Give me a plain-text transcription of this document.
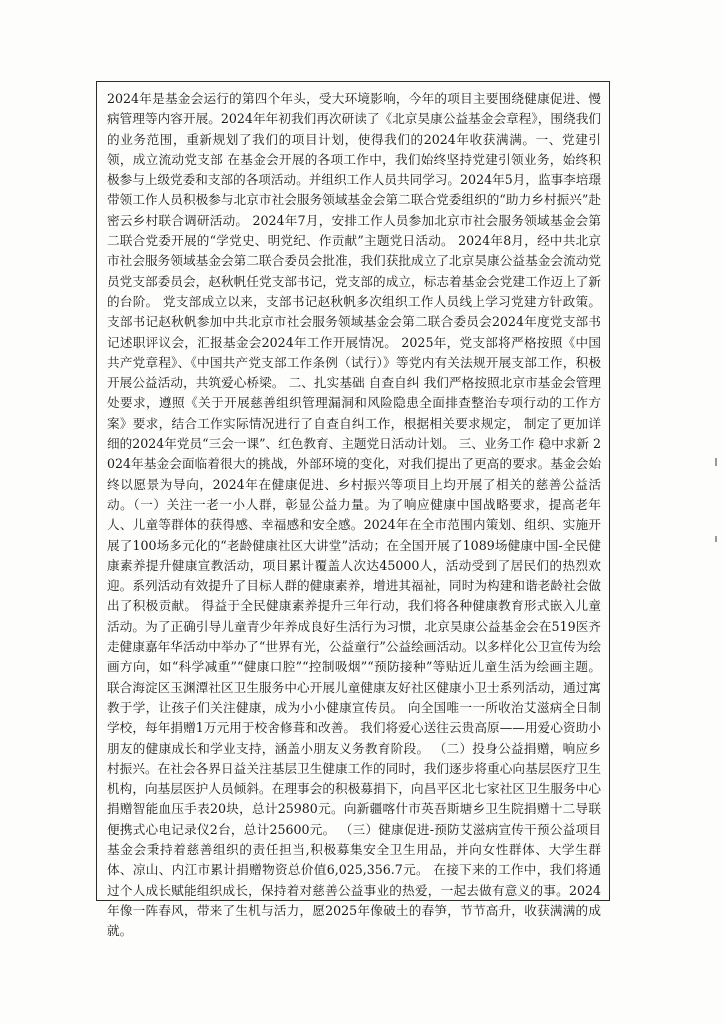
2024年是基金会运行的第四个年头，受大环境影响，今年的项目主要围绕健康促进、慢病管理等内容开展。2024年年初我们再次研读了《北京昊康公益基金会章程》，围绕我们的业务范围，重新规划了我们的项目计划，使得我们的2024年收获满满。一、党建引领，成立流动党支部 在基金会开展的各项工作中，我们始终坚持党建引领业务，始终积极参与上级党委和支部的各项活动。并组织工作人员共同学习。2024年5月，监事李培璟带领工作人员积极参与北京市社会服务领域基金会第二联合党委组织的“助力乡村振兴”赴密云乡村联合调研活动。 2024年7月，安排工作人员参加北京市社会服务领域基金会第二联合党委开展的“学党史、明党纪、作贡献”主题党日活动。 2024年8月，经中共北京市社会服务领域基金会第二联合委员会批准，我们获批成立了北京昊康公益基金会流动党员党支部委员会，赵秋帆任党支部书记，党支部的成立，标志着基金会党建工作迈上了新的台阶。 党支部成立以来，支部书记赵秋帆多次组织工作人员线上学习党建方针政策。 支部书记赵秋帆参加中共北京市社会服务领域基金会第二联合委员会2024年度党支部书记述职评议会，汇报基金会2024年工作开展情况。 2025年，党支部将严格按照《中国共产党章程》、《中国共产党支部工作条例（试行）》等党内有关法规开展支部工作，积极开展公益活动，共筑爱心桥梁。 二、扎实基础 自查自纠 我们严格按照北京市基金会管理处要求，遵照《关于开展慈善组织管理漏洞和风险隐患全面排查整治专项行动的工作方案》要求，结合工作实际情况进行了自查自纠工作，根据相关要求规定， 制定了更加详细的2024年党员“三会一课”、红色教育、主题党日活动计划。 三、业务工作 稳中求新 2024年基金会面临着很大的挑战，外部环境的变化，对我们提出了更高的要求。基金会始终以愿景为导向，2024年在健康促进、乡村振兴等项目上均开展了相关的慈善公益活动。（一）关注一老一小人群，彰显公益力量。为了响应健康中国战略要求，提高老年人、儿童等群体的获得感、幸福感和安全感。2024年在全市范围内策划、组织、实施开展了100场多元化的“老龄健康社区大讲堂”活动；在全国开展了1089场健康中国-全民健康素养提升健康宣教活动，项目累计覆盖人次达45000人，活动受到了居民们的热烈欢迎。系列活动有效提升了目标人群的健康素养，增进其福祉，同时为构建和谐老龄社会做出了积极贡献。 得益于全民健康素养提升三年行动，我们将各种健康教育形式嵌入儿童活动。为了正确引导儿童青少年养成良好生活行为习惯，北京昊康公益基金会在519医齐走健康嘉年华活动中举办了“世界有光，公益童行”公益绘画活动。以多样化公卫宣传为绘画方向，如“科学减重”“健康口腔”“控制吸烟”“预防接种”等贴近儿童生活为绘画主题。 联合海淀区玉渊潭社区卫生服务中心开展儿童健康友好社区健康小卫士系列活动，通过寓教于学，让孩子们关注健康，成为小小健康宣传员。 向全国唯一一所收治艾滋病全日制学校，每年捐赠1万元用于校舍修葺和改善。 我们将爱心送往云贵高原——用爱心资助小朋友的健康成长和学业支持，涵盖小朋友义务教育阶段。 （二）投身公益捐赠，响应乡村振兴。在社会各界日益关注基层卫生健康工作的同时，我们逐步将重心向基层医疗卫生机构，向基层医护人员倾斜。在理事会的积极募捐下，向昌平区北七家社区卫生服务中心捐赠智能血压手表20块，总计25980元。向新疆喀什市英吾斯塘乡卫生院捐赠十二导联便携式心电记录仪2台，总计25600元。 （三）健康促进-预防艾滋病宣传干预公益项目 基金会秉持着慈善组织的责任担当,积极募集安全卫生用品，并向女性群体、大学生群体、凉山、内江市累计捐赠物资总价值6,025,356.7元。 在接下来的工作中，我们将通过个人成长赋能组织成长，保持着对慈善公益事业的热爱，一起去做有意义的事。2024年像一阵春风，带来了生机与活力，愿2025年像破土的春笋，节节高升，收获满满的成就。
